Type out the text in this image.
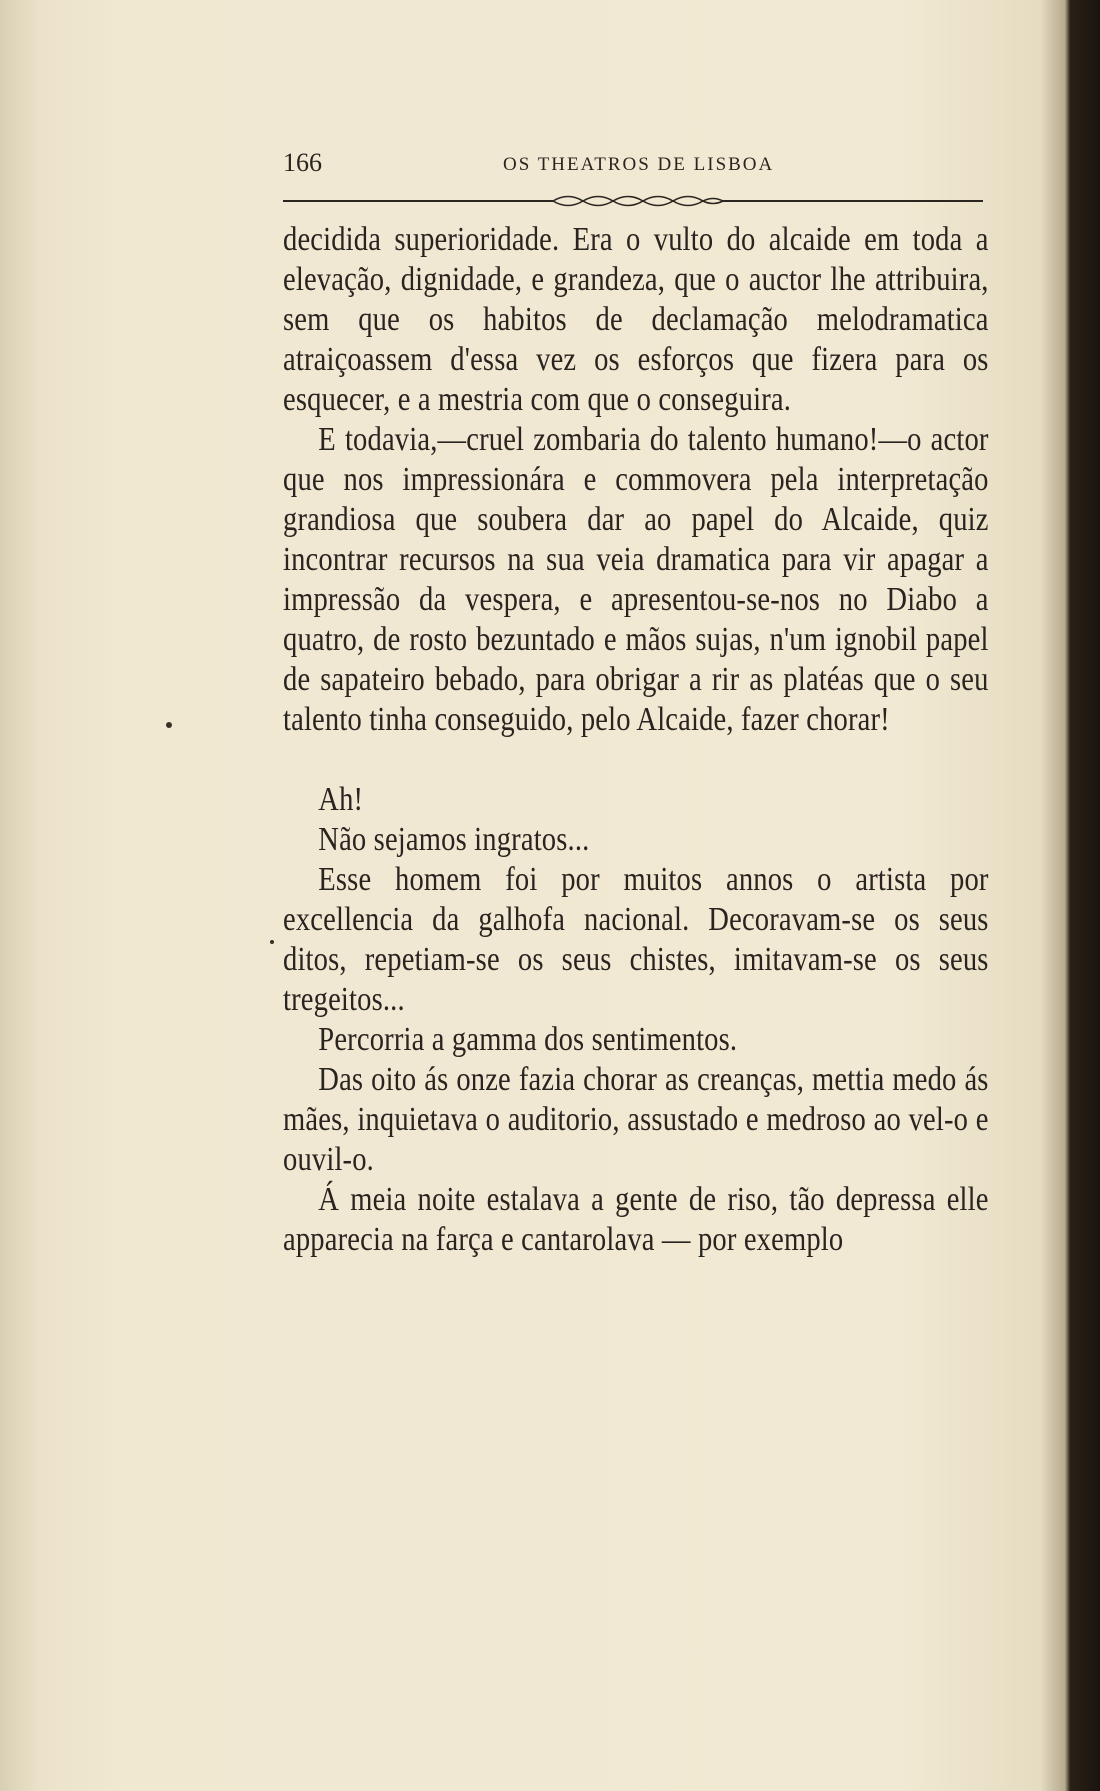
166	OS THEATROS DE LISBOA

decidida superioridade. Era o vulto do alcaide em toda a elevação, dignidade, e grandeza, que o auctor lhe attribuira, sem que os habitos de declamação melodramatica atraiçoassem d'essa vez os esforços que fizera para os esquecer, e a mestria com que o conseguira.

E todavia,—cruel zombaria do talento humano!—o actor que nos impressionára e commovera pela interpretação grandiosa que soubera dar ao papel do Alcaide, quiz incontrar recursos na sua veia dramatica para vir apagar a impressão da vespera, e apresentou-se-nos no Diabo a quatro, de rosto bezuntado e mãos sujas, n'um ignobil papel de sapateiro bebado, para obrigar a rir as platéas que o seu talento tinha conseguido, pelo Alcaide, fazer chorar!

Ah!

Não sejamos ingratos...

Esse homem foi por muitos annos o artista por excellencia da galhofa nacional. Decoravam-se os seus ditos, repetiam-se os seus chistes, imitavam-se os seus tregeitos...

Percorria a gamma dos sentimentos.

Das oito ás onze fazia chorar as creanças, mettia medo ás mães, inquietava o auditorio, assustado e medroso ao vel-o e ouvil-o.

Á meia noite estalava a gente de riso, tão depressa elle apparecia na farça e cantarolava — por exemplo
